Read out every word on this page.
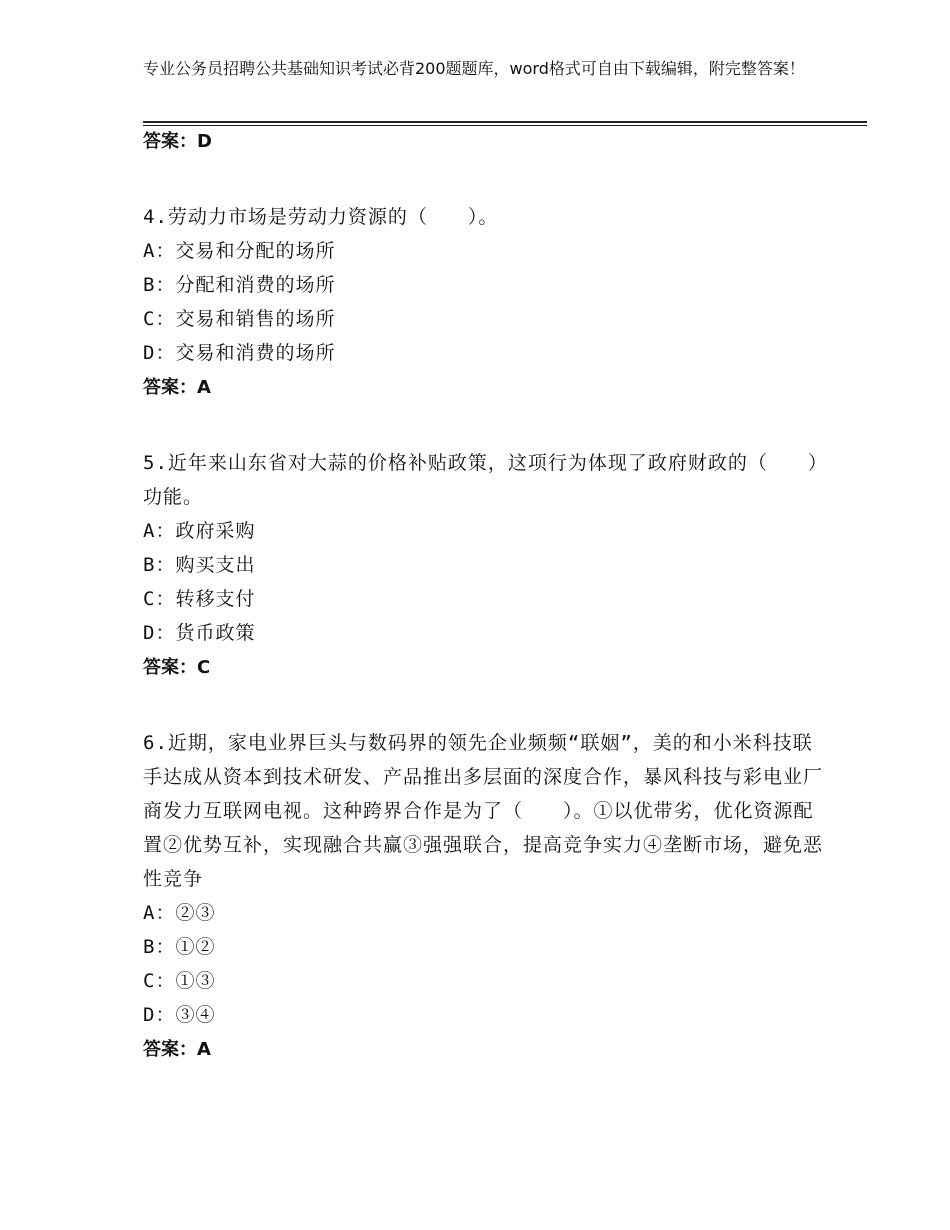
专业公务员招聘公共基础知识考试必背200题题库，word格式可自由下载编辑，附完整答案！

答案：D

4.劳动力市场是劳动力资源的（　　）。

A：交易和分配的场所

B：分配和消费的场所

C：交易和销售的场所

D：交易和消费的场所

答案：A

5.近年来山东省对大蒜的价格补贴政策，这项行为体现了政府财政的（　　）功能。

A：政府采购

B：购买支出

C：转移支付

D：货币政策

答案：C

6.近期，家电业界巨头与数码界的领先企业频频“联姻”，美的和小米科技联手达成从资本到技术研发、产品推出多层面的深度合作，暴风科技与彩电业厂商发力互联网电视。这种跨界合作是为了（　　）。①以优带劣，优化资源配置②优势互补，实现融合共赢③强强联合，提高竞争实力④垄断市场，避免恶性竞争

A：②③

B：①②

C：①③

D：③④

答案：A
